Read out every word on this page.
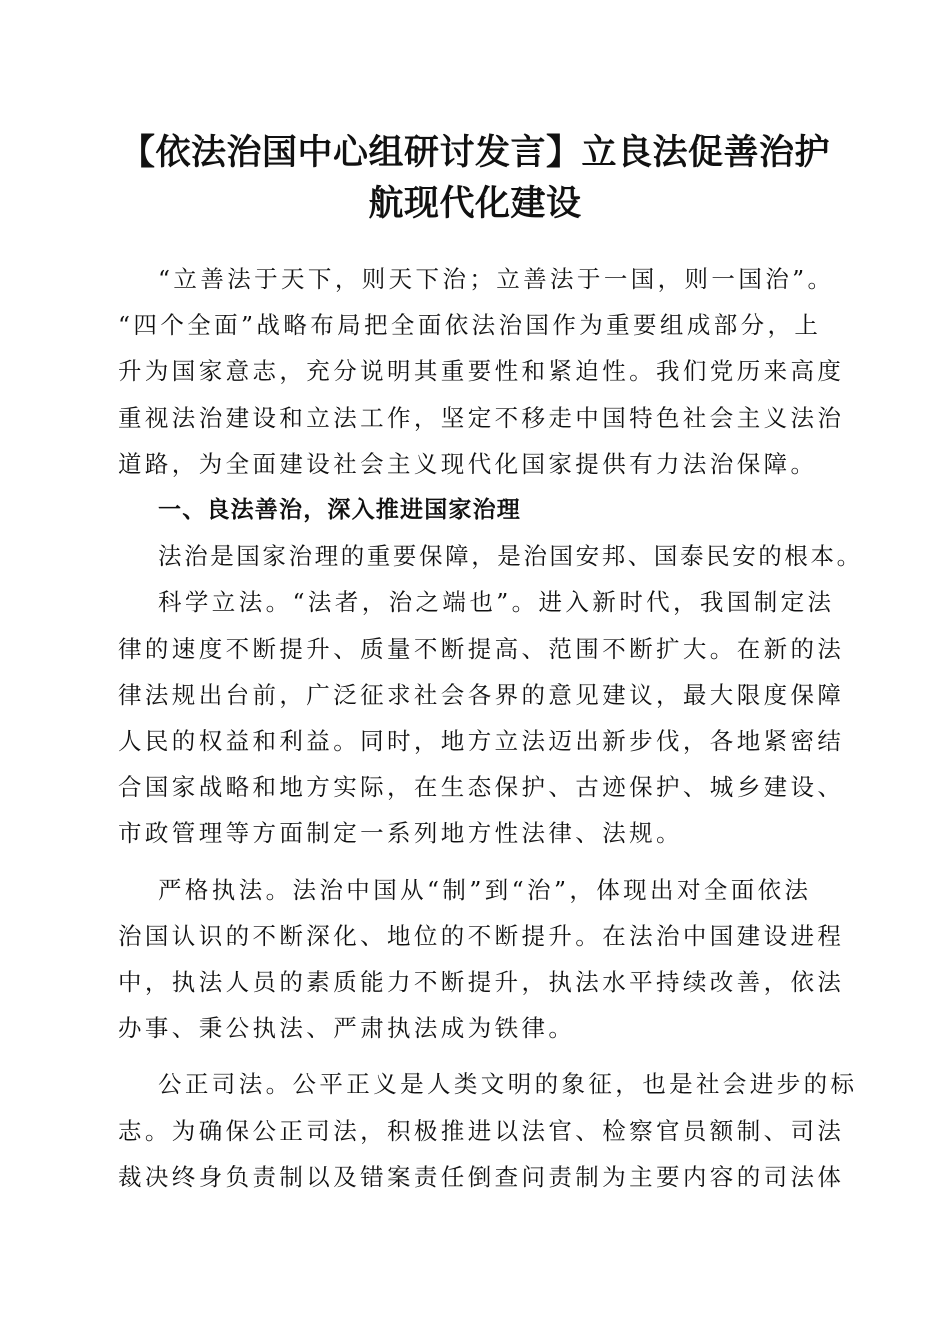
【依法治国中心组研讨发言】立良法促善治护
航现代化建设
“立善法于天下，则天下治；立善法于一国，则一国治”。
“四个全面”战略布局把全面依法治国作为重要组成部分，上
升为国家意志，充分说明其重要性和紧迫性。我们党历来高度
重视法治建设和立法工作，坚定不移走中国特色社会主义法治
道路，为全面建设社会主义现代化国家提供有力法治保障。
一、良法善治，深入推进国家治理
法治是国家治理的重要保障，是治国安邦、国泰民安的根本。
科学立法。“法者，治之端也”。进入新时代，我国制定法
律的速度不断提升、质量不断提高、范围不断扩大。在新的法
律法规出台前，广泛征求社会各界的意见建议，最大限度保障
人民的权益和利益。同时，地方立法迈出新步伐，各地紧密结
合国家战略和地方实际，在生态保护、古迹保护、城乡建设、
市政管理等方面制定一系列地方性法律、法规。
严格执法。法治中国从“制”到“治”，体现出对全面依法
治国认识的不断深化、地位的不断提升。在法治中国建设进程
中，执法人员的素质能力不断提升，执法水平持续改善，依法
办事、秉公执法、严肃执法成为铁律。
公正司法。公平正义是人类文明的象征，也是社会进步的标
志。为确保公正司法，积极推进以法官、检察官员额制、司法
裁决终身负责制以及错案责任倒查问责制为主要内容的司法体
